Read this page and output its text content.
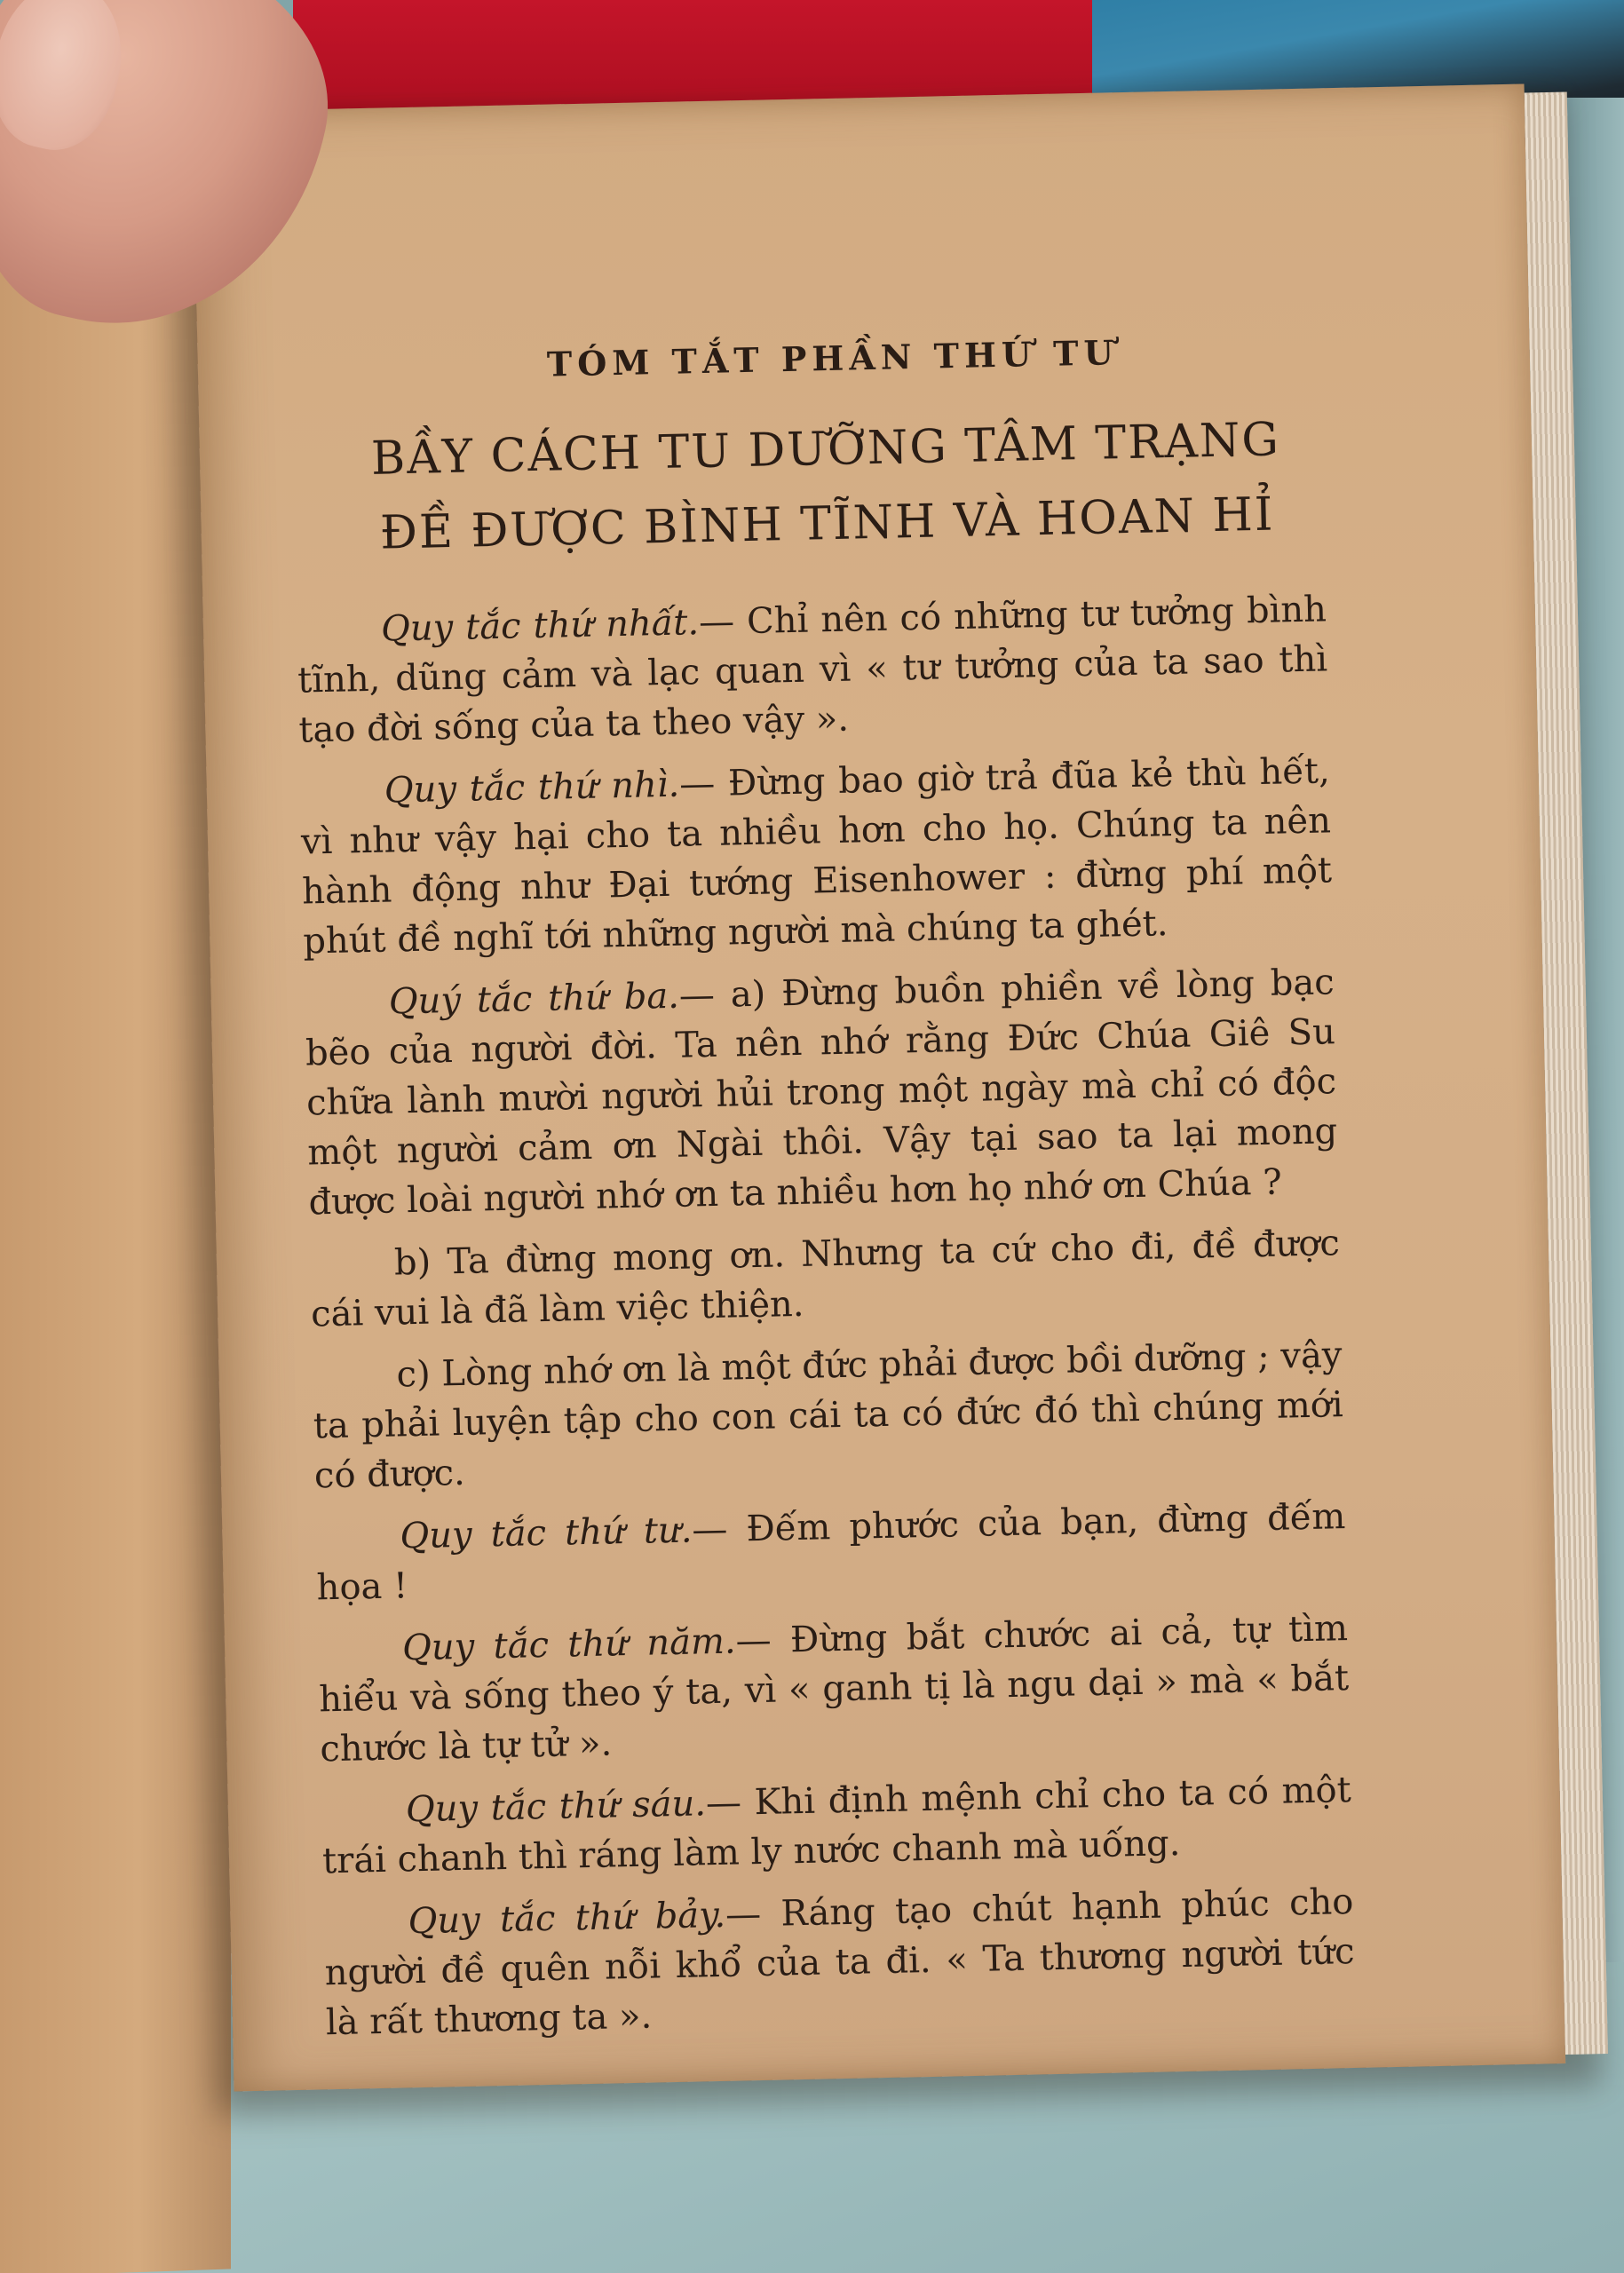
TÓM TẮT PHẦN THỨ TƯ
BẦY CÁCH TU DƯỠNG TÂM TRẠNG
ĐỀ ĐƯỢC BÌNH TĨNH VÀ HOAN HỈ

Quy tắc thứ nhất.— Chỉ nên có những tư tưởng bình tĩnh, dũng cảm và lạc quan vì « tư tưởng của ta sao thì tạo đời sống của ta theo vậy ».

Quy tắc thứ nhì.— Đừng bao giờ trả đũa kẻ thù hết, vì như vậy hại cho ta nhiều hơn cho họ. Chúng ta nên hành động như Đại tướng Eisenhower : đừng phí một phút đề nghĩ tới những người mà chúng ta ghét.

Quý tắc thứ ba.— a) Đừng buồn phiền về lòng bạc bẽo của người đời. Ta nên nhớ rằng Đức Chúa Giê Su chữa lành mười người hủi trong một ngày mà chỉ có độc một người cảm ơn Ngài thôi. Vậy tại sao ta lại mong được loài người nhớ ơn ta nhiều hơn họ nhớ ơn Chúa ?

b) Ta đừng mong ơn. Nhưng ta cứ cho đi, đề được cái vui là đã làm việc thiện.

c) Lòng nhớ ơn là một đức phải được bồi dưỡng ; vậy ta phải luyện tập cho con cái ta có đức đó thì chúng mới có được.

Quy tắc thứ tư.— Đếm phước của bạn, đừng đếm họa !

Quy tắc thứ năm.— Đừng bắt chước ai cả, tự tìm hiểu và sống theo ý ta, vì « ganh tị là ngu dại » mà « bắt chước là tự tử ».

Quy tắc thứ sáu.— Khi định mệnh chỉ cho ta có một trái chanh thì ráng làm ly nước chanh mà uống.

Quy tắc thứ bảy.— Ráng tạo chút hạnh phúc cho người đề quên nỗi khổ của ta đi. « Ta thương người tức là rất thương ta ».
